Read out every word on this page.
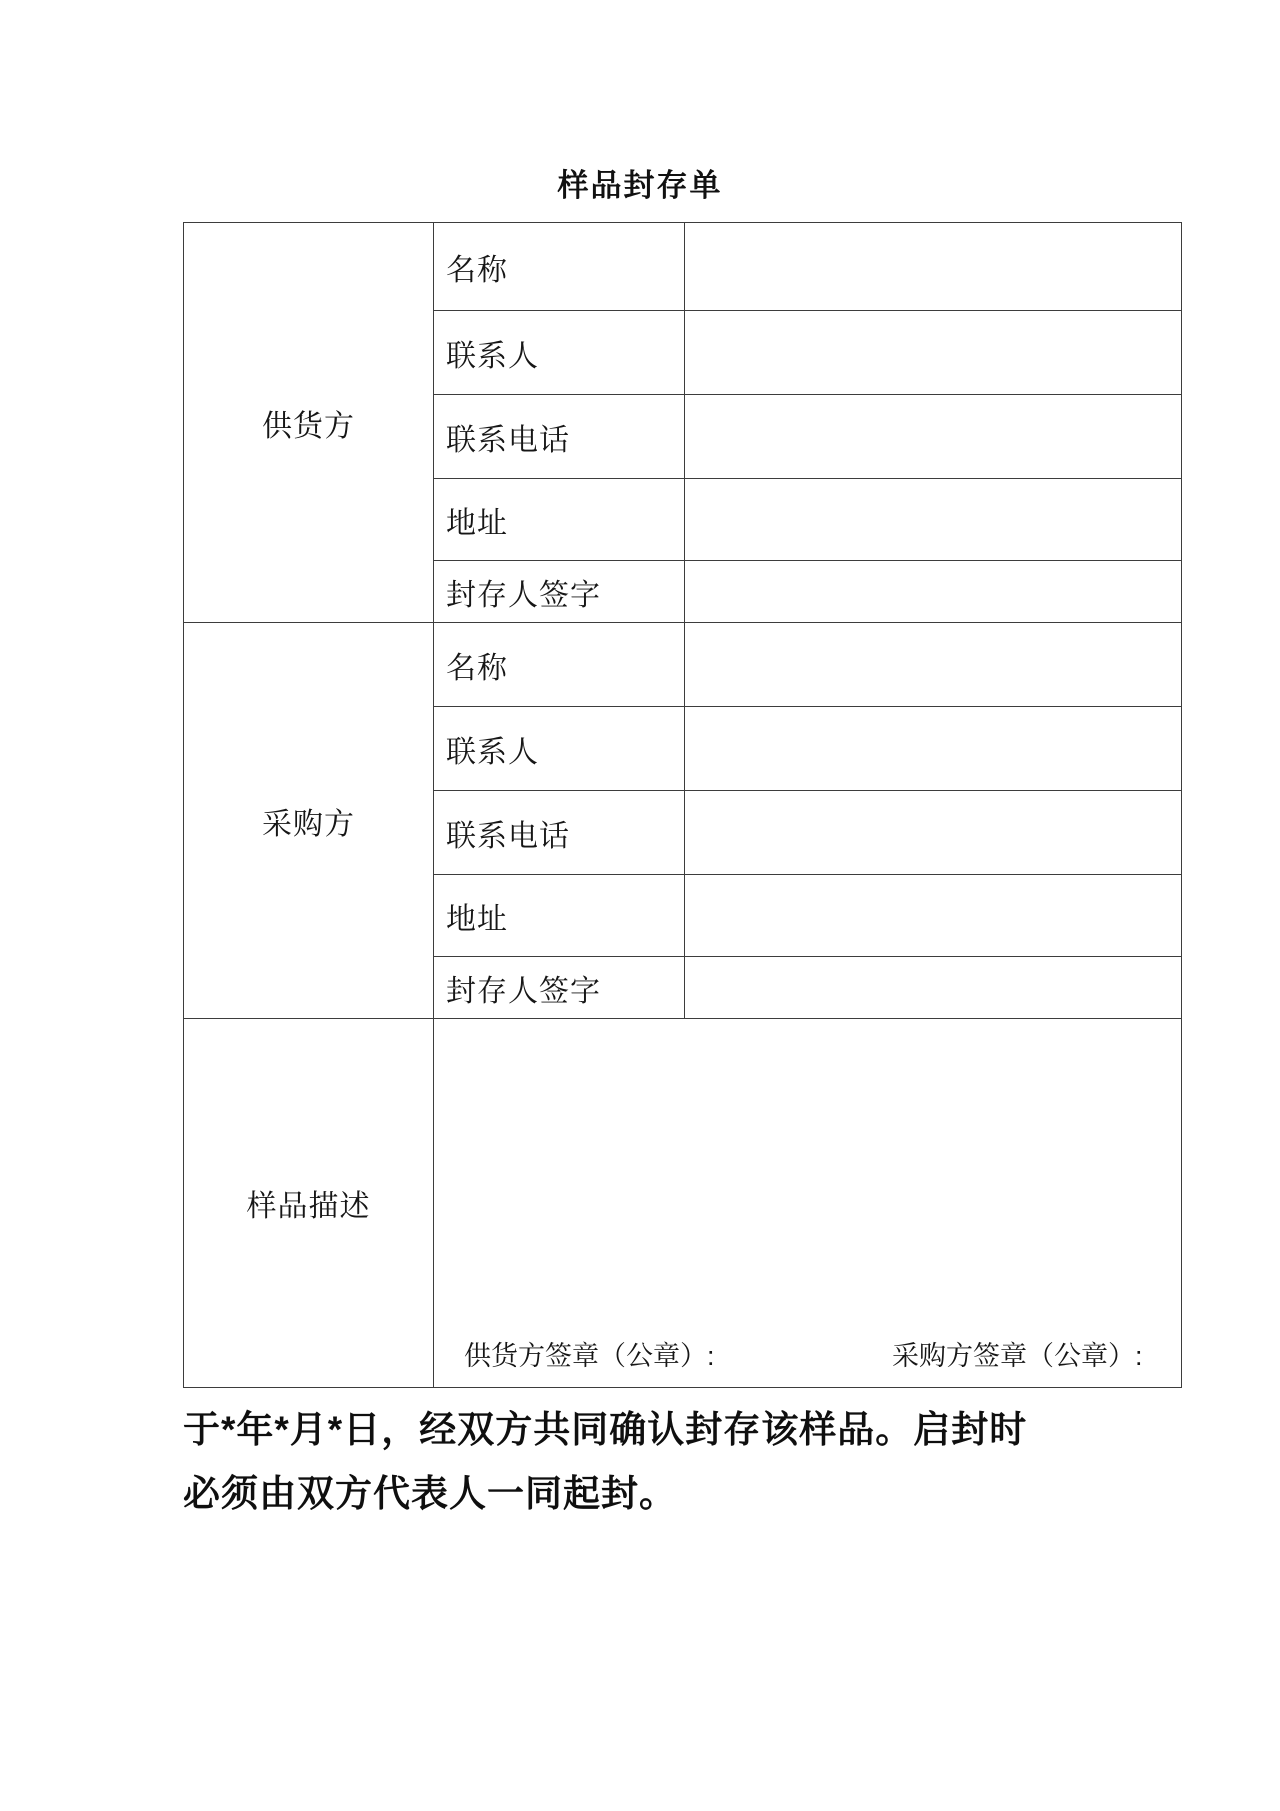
样品封存单
供货方	名称	
	联系人	
	联系电话	
	地址	
	封存人签字	
采购方	名称	
	联系人	
	联系电话	
	地址	
	封存人签字	
样品描述	供货方签章（公章）: 采购方签章（公章）:	
于*年*月*日，经双方共同确认封存该样品。启封时
必须由双方代表人一同起封。
